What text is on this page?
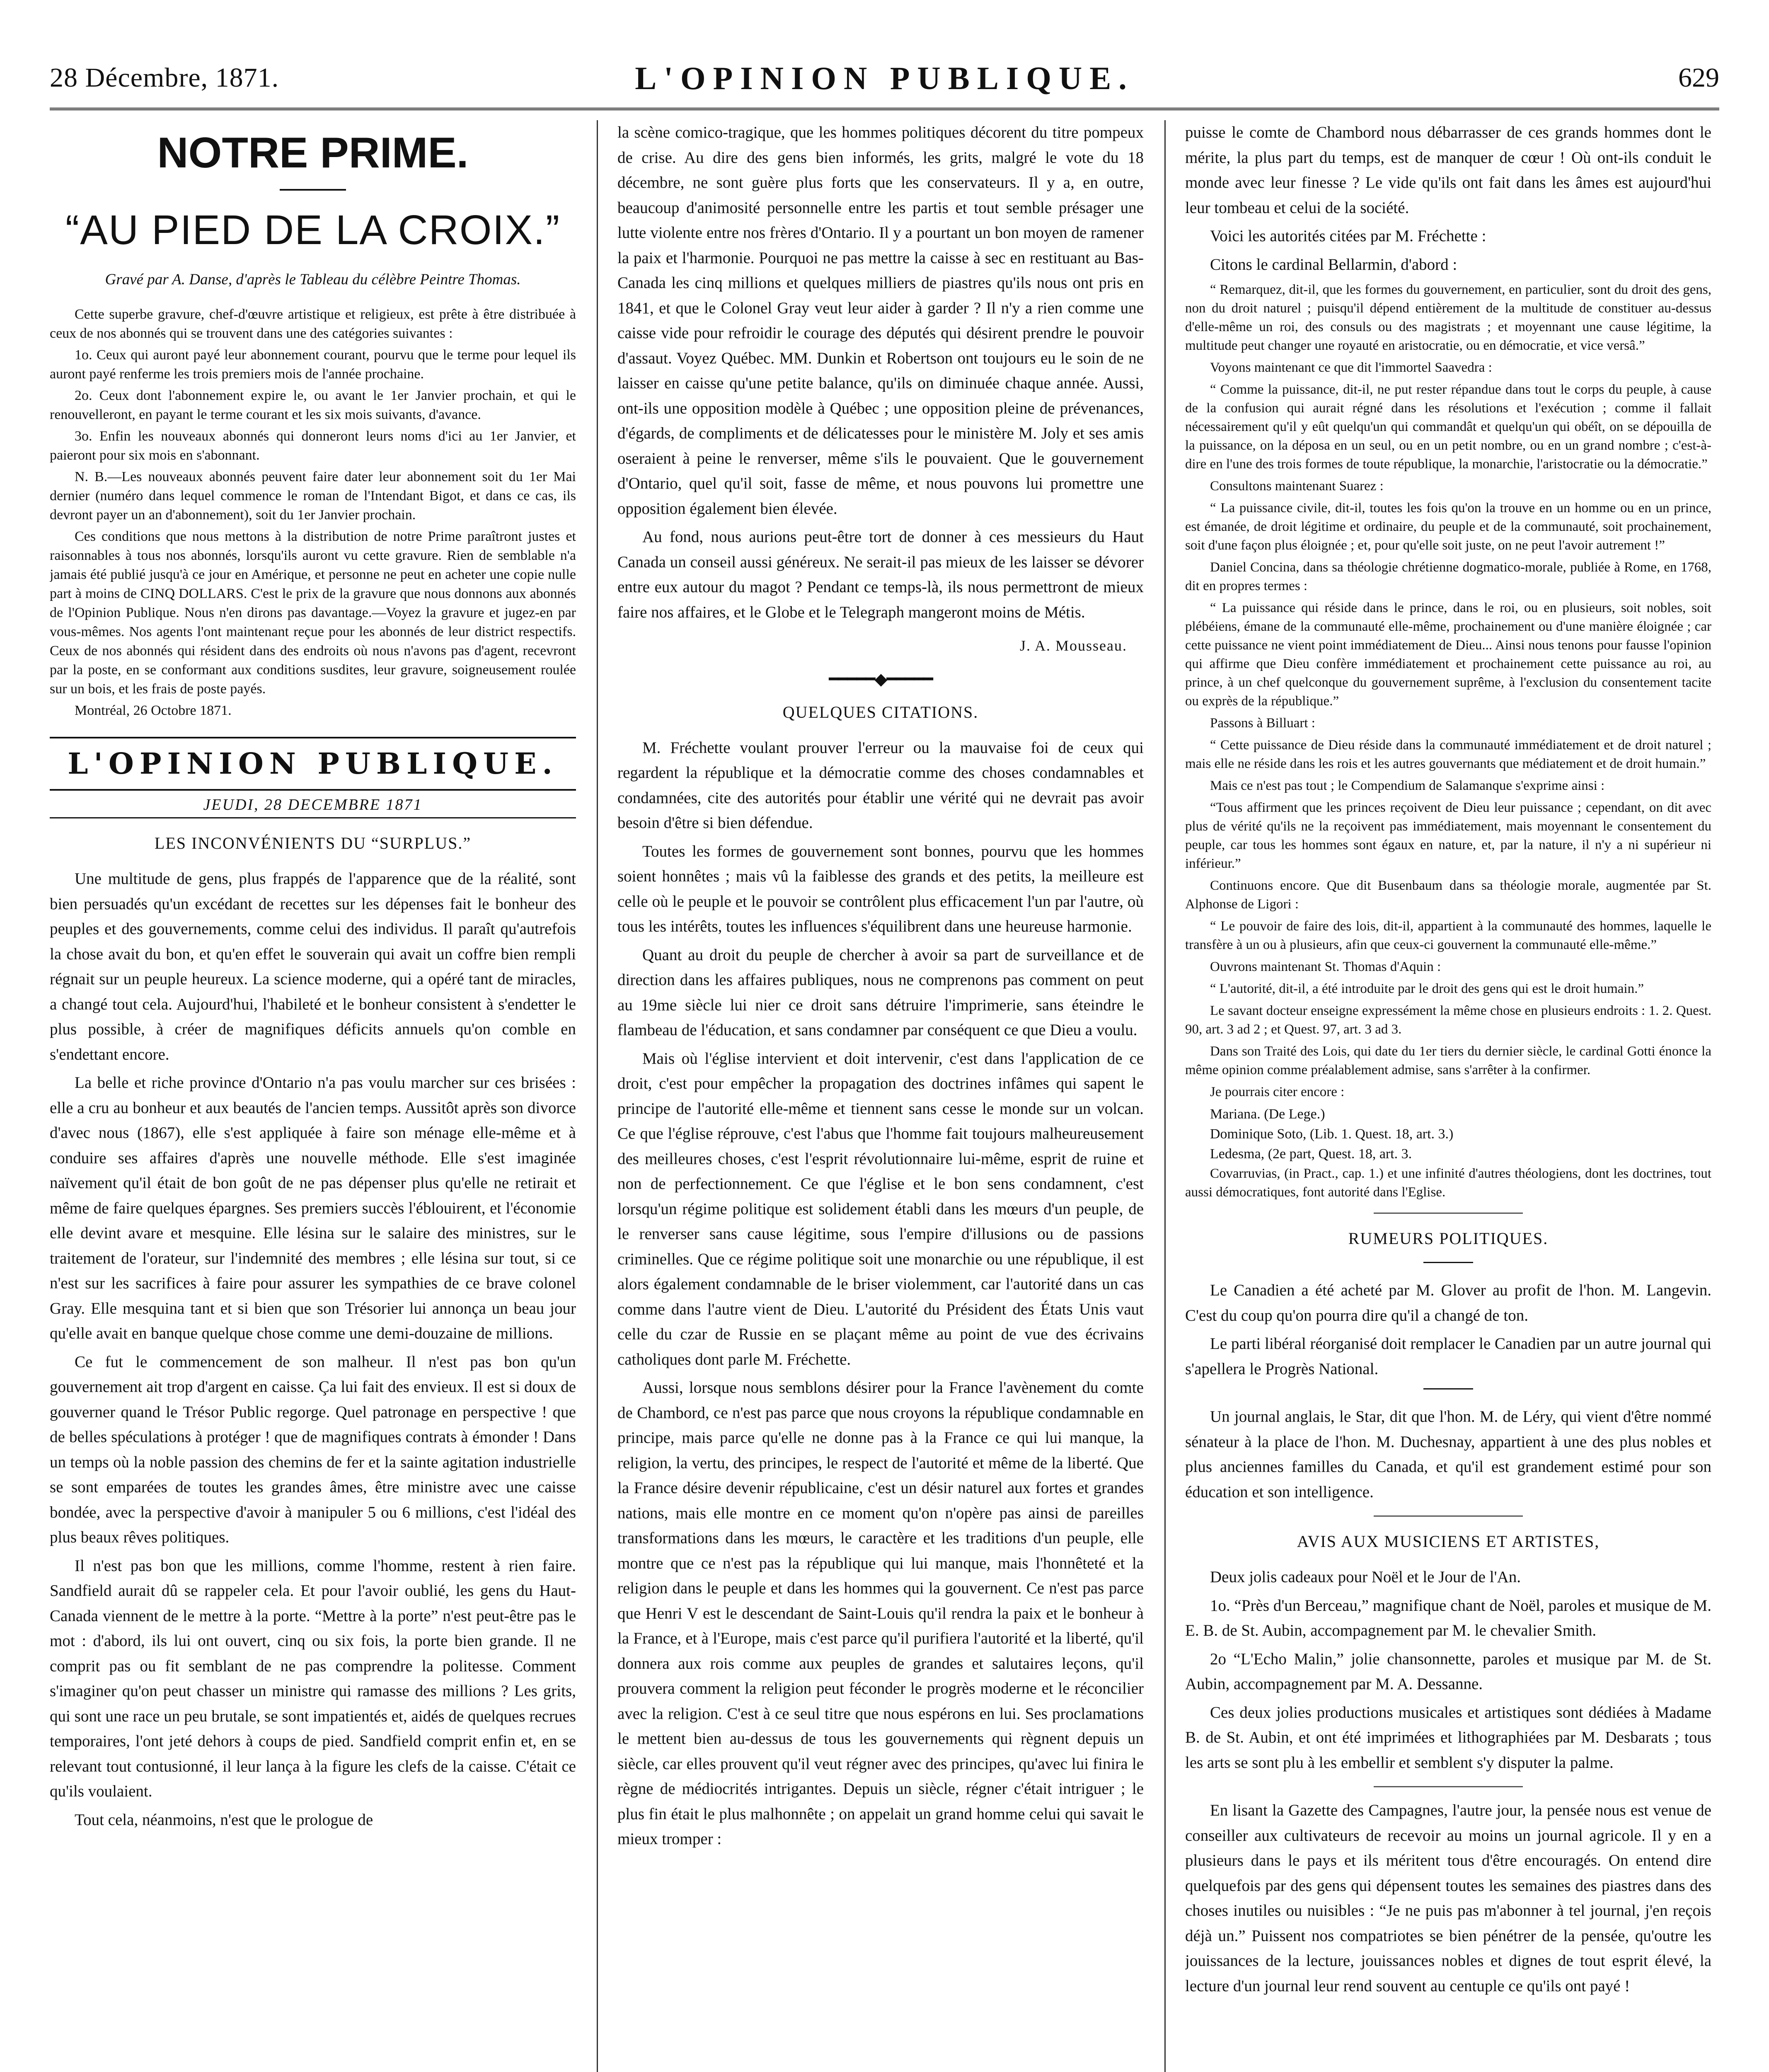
28 Décembre, 1871.	L'OPINION PUBLIQUE.	629
NOTRE PRIME.
“AU PIED DE LA CROIX.”
Gravé par A. Danse, d'après le Tableau du célèbre Peintre Thomas.

Cette superbe gravure, chef-d'œuvre artistique et religieux, est prête à être distribuée à ceux de nos abonnés qui se trouvent dans une des catégories suivantes :

1o. Ceux qui auront payé leur abonnement courant, pourvu que le terme pour lequel ils auront payé renferme les trois premiers mois de l'année prochaine.

2o. Ceux dont l'abonnement expire le, ou avant le 1er Janvier prochain, et qui le renouvelleront, en payant le terme courant et les six mois suivants, d'avance.

3o. Enfin les nouveaux abonnés qui donneront leurs noms d'ici au 1er Janvier, et paieront pour six mois en s'abonnant.

N. B.—Les nouveaux abonnés peuvent faire dater leur abonnement soit du 1er Mai dernier (numéro dans lequel commence le roman de l'Intendant Bigot, et dans ce cas, ils devront payer un an d'abonnement), soit du 1er Janvier prochain.

Ces conditions que nous mettons à la distribution de notre Prime paraîtront justes et raisonnables à tous nos abonnés, lorsqu'ils auront vu cette gravure. Rien de semblable n'a jamais été publié jusqu'à ce jour en Amérique, et personne ne peut en acheter une copie nulle part à moins de CINQ DOLLARS. C'est le prix de la gravure que nous donnons aux abonnés de l'Opinion Publique. Nous n'en dirons pas davantage.—Voyez la gravure et jugez-en par vous-mêmes. Nos agents l'ont maintenant reçue pour les abonnés de leur district respectifs. Ceux de nos abonnés qui résident dans des endroits où nous n'avons pas d'agent, recevront par la poste, en se conformant aux conditions susdites, leur gravure, soigneusement roulée sur un bois, et les frais de poste payés.

Montréal, 26 Octobre 1871.

L'OPINION PUBLIQUE.
JEUDI, 28 DECEMBRE 1871
LES INCONVÉNIENTS DU “SURPLUS.”

Une multitude de gens, plus frappés de l'apparence que de la réalité, sont bien persuadés qu'un excédant de recettes sur les dépenses fait le bonheur des peuples et des gouvernements, comme celui des individus. Il paraît qu'autrefois la chose avait du bon, et qu'en effet le souverain qui avait un coffre bien rempli régnait sur un peuple heureux. La science moderne, qui a opéré tant de miracles, a changé tout cela. Aujourd'hui, l'habileté et le bonheur consistent à s'endetter le plus possible, à créer de magnifiques déficits annuels qu'on comble en s'endettant encore.

La belle et riche province d'Ontario n'a pas voulu marcher sur ces brisées : elle a cru au bonheur et aux beautés de l'ancien temps. Aussitôt après son divorce d'avec nous (1867), elle s'est appliquée à faire son ménage elle-même et à conduire ses affaires d'après une nouvelle méthode. Elle s'est imaginée naïvement qu'il était de bon goût de ne pas dépenser plus qu'elle ne retirait et même de faire quelques épargnes. Ses premiers succès l'éblouirent, et l'économie elle devint avare et mesquine. Elle lésina sur le salaire des ministres, sur le traitement de l'orateur, sur l'indemnité des membres ; elle lésina sur tout, si ce n'est sur les sacrifices à faire pour assurer les sympathies de ce brave colonel Gray. Elle mesquina tant et si bien que son Trésorier lui annonça un beau jour qu'elle avait en banque quelque chose comme une demi-douzaine de millions.

Ce fut le commencement de son malheur. Il n'est pas bon qu'un gouvernement ait trop d'argent en caisse. Ça lui fait des envieux. Il est si doux de gouverner quand le Trésor Public regorge. Quel patronage en perspective ! que de belles spéculations à protéger ! que de magnifiques contrats à émonder ! Dans un temps où la noble passion des chemins de fer et la sainte agitation industrielle se sont emparées de toutes les grandes âmes, être ministre avec une caisse bondée, avec la perspective d'avoir à manipuler 5 ou 6 millions, c'est l'idéal des plus beaux rêves politiques.

Il n'est pas bon que les millions, comme l'homme, restent à rien faire. Sandfield aurait dû se rappeler cela. Et pour l'avoir oublié, les gens du Haut-Canada viennent de le mettre à la porte. “Mettre à la porte” n'est peut-être pas le mot : d'abord, ils lui ont ouvert, cinq ou six fois, la porte bien grande. Il ne comprit pas ou fit semblant de ne pas comprendre la politesse. Comment s'imaginer qu'on peut chasser un ministre qui ramasse des millions ? Les grits, qui sont une race un peu brutale, se sont impatientés et, aidés de quelques recrues temporaires, l'ont jeté dehors à coups de pied. Sandfield comprit enfin et, en se relevant tout contusionné, il leur lança à la figure les clefs de la caisse. C'était ce qu'ils voulaient.

Tout cela, néanmoins, n'est que le prologue de

la scène comico-tragique, que les hommes politiques décorent du titre pompeux de crise. Au dire des gens bien informés, les grits, malgré le vote du 18 décembre, ne sont guère plus forts que les conservateurs. Il y a, en outre, beaucoup d'animosité personnelle entre les partis et tout semble présager une lutte violente entre nos frères d'Ontario. Il y a pourtant un bon moyen de ramener la paix et l'harmonie. Pourquoi ne pas mettre la caisse à sec en restituant au Bas-Canada les cinq millions et quelques milliers de piastres qu'ils nous ont pris en 1841, et que le Colonel Gray veut leur aider à garder ? Il n'y a rien comme une caisse vide pour refroidir le courage des députés qui désirent prendre le pouvoir d'assaut. Voyez Québec. MM. Dunkin et Robertson ont toujours eu le soin de ne laisser en caisse qu'une petite balance, qu'ils on diminuée chaque année. Aussi, ont-ils une opposition modèle à Québec ; une opposition pleine de prévenances, d'égards, de compliments et de délicatesses pour le ministère M. Joly et ses amis oseraient à peine le renverser, même s'ils le pouvaient. Que le gouvernement d'Ontario, quel qu'il soit, fasse de même, et nous pouvons lui promettre une opposition également bien élevée.

Au fond, nous aurions peut-être tort de donner à ces messieurs du Haut Canada un conseil aussi généreux. Ne serait-il pas mieux de les laisser se dévorer entre eux autour du magot ? Pendant ce temps-là, ils nous permettront de mieux faire nos affaires, et le Globe et le Telegraph mangeront moins de Métis.

J. A. Mousseau.
━━━━━◆━━━━━
QUELQUES CITATIONS.

M. Fréchette voulant prouver l'erreur ou la mauvaise foi de ceux qui regardent la république et la démocratie comme des choses condamnables et condamnées, cite des autorités pour établir une vérité qui ne devrait pas avoir besoin d'être si bien défendue.

Toutes les formes de gouvernement sont bonnes, pourvu que les hommes soient honnêtes ; mais vû la faiblesse des grands et des petits, la meilleure est celle où le peuple et le pouvoir se contrôlent plus efficacement l'un par l'autre, où tous les intérêts, toutes les influences s'équilibrent dans une heureuse harmonie.

Quant au droit du peuple de chercher à avoir sa part de surveillance et de direction dans les affaires publiques, nous ne comprenons pas comment on peut au 19me siècle lui nier ce droit sans détruire l'imprimerie, sans éteindre le flambeau de l'éducation, et sans condamner par conséquent ce que Dieu a voulu.

Mais où l'église intervient et doit intervenir, c'est dans l'application de ce droit, c'est pour empêcher la propagation des doctrines infâmes qui sapent le principe de l'autorité elle-même et tiennent sans cesse le monde sur un volcan. Ce que l'église réprouve, c'est l'abus que l'homme fait toujours malheureusement des meilleures choses, c'est l'esprit révolutionnaire lui-même, esprit de ruine et non de perfectionnement. Ce que l'église et le bon sens condamnent, c'est lorsqu'un régime politique est solidement établi dans les mœurs d'un peuple, de le renverser sans cause légitime, sous l'empire d'illusions ou de passions criminelles. Que ce régime politique soit une monarchie ou une république, il est alors également condamnable de le briser violemment, car l'autorité dans un cas comme dans l'autre vient de Dieu. L'autorité du Président des États Unis vaut celle du czar de Russie en se plaçant même au point de vue des écrivains catholiques dont parle M. Fréchette.

Aussi, lorsque nous semblons désirer pour la France l'avènement du comte de Chambord, ce n'est pas parce que nous croyons la république condamnable en principe, mais parce qu'elle ne donne pas à la France ce qui lui manque, la religion, la vertu, des principes, le respect de l'autorité et même de la liberté. Que la France désire devenir républicaine, c'est un désir naturel aux fortes et grandes nations, mais elle montre en ce moment qu'on n'opère pas ainsi de pareilles transformations dans les mœurs, le caractère et les traditions d'un peuple, elle montre que ce n'est pas la république qui lui manque, mais l'honnêteté et la religion dans le peuple et dans les hommes qui la gouvernent. Ce n'est pas parce que Henri V est le descendant de Saint-Louis qu'il rendra la paix et le bonheur à la France, et à l'Europe, mais c'est parce qu'il purifiera l'autorité et la liberté, qu'il donnera aux rois comme aux peuples de grandes et salutaires leçons, qu'il prouvera comment la religion peut féconder le progrès moderne et le réconcilier avec la religion. C'est à ce seul titre que nous espérons en lui. Ses proclamations le mettent bien au-dessus de tous les gouvernements qui règnent depuis un siècle, car elles prouvent qu'il veut régner avec des principes, qu'avec lui finira le règne de médiocrités intrigantes. Depuis un siècle, régner c'était intriguer ; le plus fin était le plus malhonnête ; on appelait un grand homme celui qui savait le mieux tromper :

puisse le comte de Chambord nous débarrasser de ces grands hommes dont le mérite, la plus part du temps, est de manquer de cœur ! Où ont-ils conduit le monde avec leur finesse ? Le vide qu'ils ont fait dans les âmes est aujourd'hui leur tombeau et celui de la société.

Voici les autorités citées par M. Fréchette :

Citons le cardinal Bellarmin, d'abord :

“ Remarquez, dit-il, que les formes du gouvernement, en particulier, sont du droit des gens, non du droit naturel ; puisqu'il dépend entièrement de la multitude de constituer au-dessus d'elle-même un roi, des consuls ou des magistrats ; et moyennant une cause légitime, la multitude peut changer une royauté en aristocratie, ou en démocratie, et vice versâ.”

Voyons maintenant ce que dit l'immortel Saavedra :

“ Comme la puissance, dit-il, ne put rester répandue dans tout le corps du peuple, à cause de la confusion qui aurait régné dans les résolutions et l'exécution ; comme il fallait nécessairement qu'il y eût quelqu'un qui commandât et quelqu'un qui obéît, on se dépouilla de la puissance, on la déposa en un seul, ou en un petit nombre, ou en un grand nombre ; c'est-à-dire en l'une des trois formes de toute république, la monarchie, l'aristocratie ou la démocratie.”

Consultons maintenant Suarez :

“ La puissance civile, dit-il, toutes les fois qu'on la trouve en un homme ou en un prince, est émanée, de droit légitime et ordinaire, du peuple et de la communauté, soit prochainement, soit d'une façon plus éloignée ; et, pour qu'elle soit juste, on ne peut l'avoir autrement !”

Daniel Concina, dans sa théologie chrétienne dogmatico-morale, publiée à Rome, en 1768, dit en propres termes :

“ La puissance qui réside dans le prince, dans le roi, ou en plusieurs, soit nobles, soit plébéiens, émane de la communauté elle-même, prochainement ou d'une manière éloignée ; car cette puissance ne vient point immédiatement de Dieu... Ainsi nous tenons pour fausse l'opinion qui affirme que Dieu confère immédiatement et prochainement cette puissance au roi, au prince, à un chef quelconque du gouvernement suprême, à l'exclusion du consentement tacite ou exprès de la république.”

Passons à Billuart :

“ Cette puissance de Dieu réside dans la communauté immédiatement et de droit naturel ; mais elle ne réside dans les rois et les autres gouvernants que médiatement et de droit humain.”

Mais ce n'est pas tout ; le Compendium de Salamanque s'exprime ainsi :

“Tous affirment que les princes reçoivent de Dieu leur puissance ; cependant, on dit avec plus de vérité qu'ils ne la reçoivent pas immédiatement, mais moyennant le consentement du peuple, car tous les hommes sont égaux en nature, et, par la nature, il n'y a ni supérieur ni inférieur.”

Continuons encore. Que dit Busenbaum dans sa théologie morale, augmentée par St. Alphonse de Ligori :

“ Le pouvoir de faire des lois, dit-il, appartient à la communauté des hommes, laquelle le transfère à un ou à plusieurs, afin que ceux-ci gouvernent la communauté elle-même.”

Ouvrons maintenant St. Thomas d'Aquin :

“ L'autorité, dit-il, a été introduite par le droit des gens qui est le droit humain.”

Le savant docteur enseigne expressément la même chose en plusieurs endroits : 1. 2. Quest. 90, art. 3 ad 2 ; et Quest. 97, art. 3 ad 3.

Dans son Traité des Lois, qui date du 1er tiers du dernier siècle, le cardinal Gotti énonce la même opinion comme préalablement admise, sans s'arrêter à la confirmer.

Je pourrais citer encore :

Mariana. (De Lege.)
Dominique Soto, (Lib. 1. Quest. 18, art. 3.)
Ledesma, (2e part, Quest. 18, art. 3.

Covarruvias, (in Pract., cap. 1.) et une infinité d'autres théologiens, dont les doctrines, tout aussi démocratiques, font autorité dans l'Eglise.

RUMEURS POLITIQUES.

Le Canadien a été acheté par M. Glover au profit de l'hon. M. Langevin. C'est du coup qu'on pourra dire qu'il a changé de ton.

Le parti libéral réorganisé doit remplacer le Canadien par un autre journal qui s'apellera le Progrès National.

Un journal anglais, le Star, dit que l'hon. M. de Léry, qui vient d'être nommé sénateur à la place de l'hon. M. Duchesnay, appartient à une des plus nobles et plus anciennes familles du Canada, et qu'il est grandement estimé pour son éducation et son intelligence.

AVIS AUX MUSICIENS ET ARTISTES,

Deux jolis cadeaux pour Noël et le Jour de l'An.

1o. “Près d'un Berceau,” magnifique chant de Noël, paroles et musique de M. E. B. de St. Aubin, accompagnement par M. le chevalier Smith.

2o “L'Echo Malin,” jolie chansonnette, paroles et musique par M. de St. Aubin, accompagnement par M. A. Dessanne.

Ces deux jolies productions musicales et artistiques sont dédiées à Madame B. de St. Aubin, et ont été imprimées et lithographiées par M. Desbarats ; tous les arts se sont plu à les embellir et semblent s'y disputer la palme.

En lisant la Gazette des Campagnes, l'autre jour, la pensée nous est venue de conseiller aux cultivateurs de recevoir au moins un journal agricole. Il y en a plusieurs dans le pays et ils méritent tous d'être encouragés. On entend dire quelquefois par des gens qui dépensent toutes les semaines des piastres dans des choses inutiles ou nuisibles : “Je ne puis pas m'abonner à tel journal, j'en reçois déjà un.” Puissent nos compatriotes se bien pénétrer de la pensée, qu'outre les jouissances de la lecture, jouissances nobles et dignes de tout esprit élevé, la lecture d'un journal leur rend souvent au centuple ce qu'ils ont payé !
